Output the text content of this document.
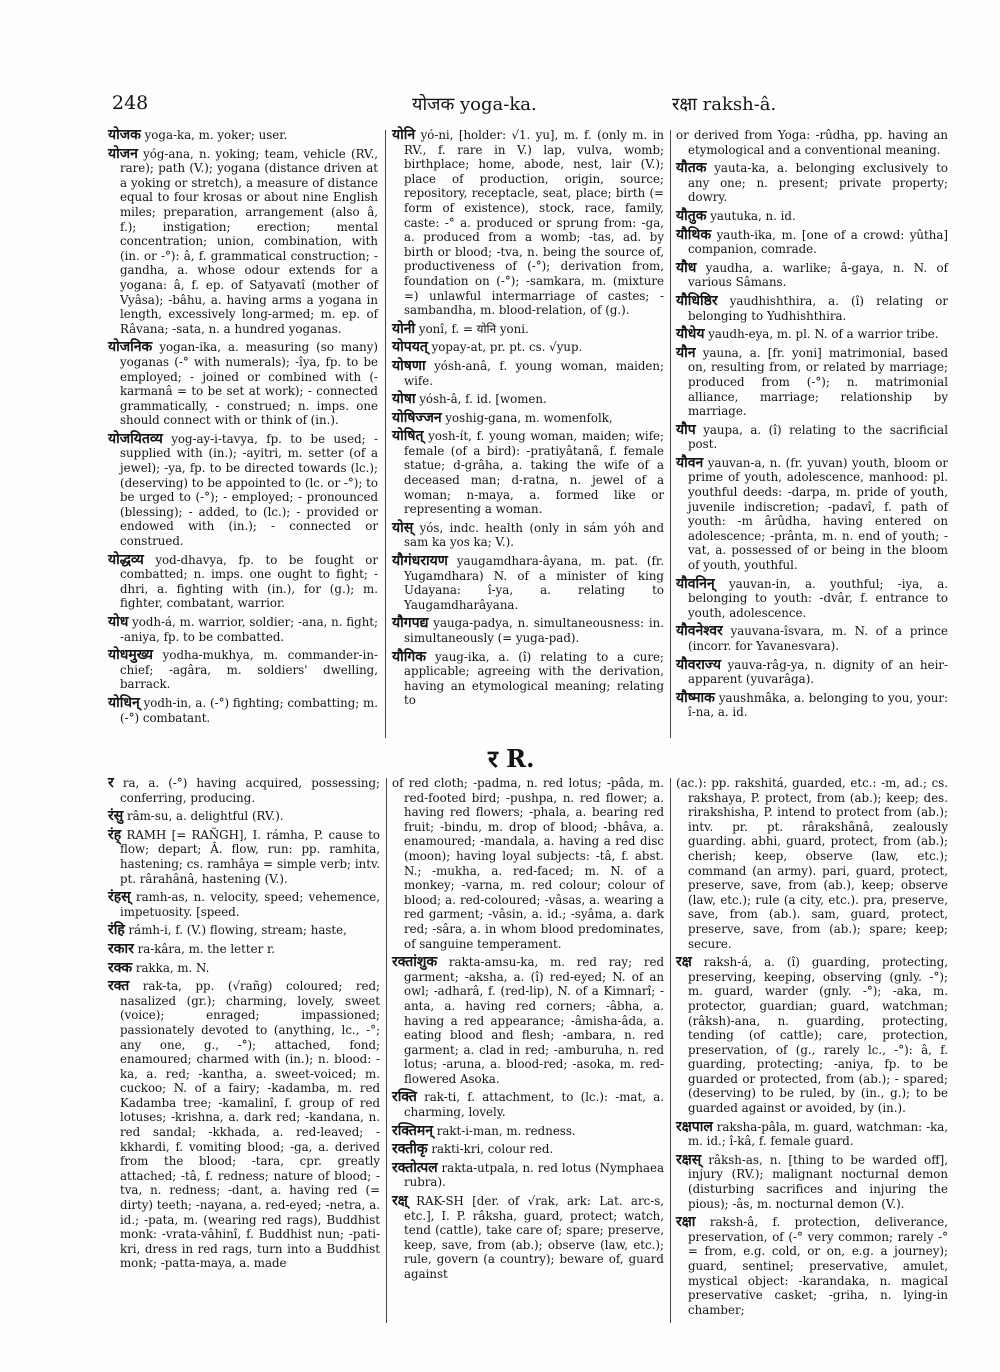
248	योजक yoga-ka.	रक्षा raksh-â.

योजक yoga-ka, m. yoker; user.

योजन yóg-ana, n. yoking; team, vehicle (RV., rare); path (V.); yogana (distance driven at a yoking or stretch), a measure of distance equal to four krosas or about nine English miles; preparation, arrangement (also â, f.); instigation; erection; mental concentration; union, combination, with (in. or -°): â, f. grammatical construction; -gandha, a. whose odour extends for a yogana: â, f. ep. of Satyavatî (mother of Vyâsa); -bâhu, a. having arms a yogana in length, excessively long-armed; m. ep. of Râvana; -sata, n. a hundred yoganas.

योजनिक yogan-ika, a. measuring (so many) yoganas (-° with numerals); -îya, fp. to be employed; - joined or combined with (- karmanâ = to be set at work); - connected grammatically, - construed; n. imps. one should connect with or think of (in.).

योजयितव्य yog-ay-i-tavya, fp. to be used; - supplied with (in.); -ayitri, m. setter (of a jewel); -ya, fp. to be directed towards (lc.); (deserving) to be appointed to (lc. or -°); to be urged to (-°); - employed; - pronounced (blessing); - added, to (lc.); - provided or endowed with (in.); - connected or construed.

योद्धव्य yod-dhavya, fp. to be fought or combatted; n. imps. one ought to fight; -dhri, a. fighting with (in.), for (g.); m. fighter, combatant, warrior.

योध yodh-á, m. warrior, soldier; -ana, n. fight; -aniya, fp. to be combatted.

योधमुख्य yodha-mukhya, m. commander-in-chief; -agâra, m. soldiers' dwelling, barrack.

योधिन् yodh-in, a. (-°) fighting; combatting; m. (-°) combatant.

योनि yó-ni, [holder: √1. yu], m. f. (only m. in RV., f. rare in V.) lap, vulva, womb; birthplace; home, abode, nest, lair (V.); place of production, origin, source; repository, receptacle, seat, place; birth (= form of existence), stock, race, family, caste: -° a. produced or sprung from: -ga, a. produced from a womb; -tas, ad. by birth or blood; -tva, n. being the source of, productiveness of (-°); derivation from, foundation on (-°); -samkara, m. (mixture =) unlawful intermarriage of castes; -sambandha, m. blood-relation, of (g.).

योनी yonî, f. = योनि yoni.

योपयत् yopay-at, pr. pt. cs. √yup.

योषणा yósh-anâ, f. young woman, maiden; wife.

योषा yósh-â, f. id. [women.

योषिज्जन yoshig-gana, m. womenfolk,

योषित् yosh-ít, f. young woman, maiden; wife; female (of a bird): -pratiyâtanâ, f. female statue; d-grâha, a. taking the wife of a deceased man; d-ratna, n. jewel of a woman; n-maya, a. formed like or representing a woman.

योस् yós, indc. health (only in sám yóh and sam ka yos ka; V.).

यौगंधरायण yaugamdhara-âyana, m. pat. (fr. Yugamdhara) N. of a minister of king Udayana: î-ya, a. relating to Yaugamdharâyana.

यौगपद्य yauga-padya, n. simultaneousness: in. simultaneously (= yuga-pad).

यौगिक yaug-ika, a. (î) relating to a cure; applicable; agreeing with the derivation, having an etymological meaning; relating to

or derived from Yoga: -rûdha, pp. having an etymological and a conventional meaning.

यौतक yauta-ka, a. belonging exclusively to any one; n. present; private property; dowry.

यौतुक yautuka, n. id.

यौथिक yauth-ika, m. [one of a crowd: yûtha] companion, comrade.

यौध yaudha, a. warlike; â-gaya, n. N. of various Sâmans.

यौधिष्ठिर yaudhishthira, a. (î) relating or belonging to Yudhishthira.

यौधेय yaudh-eya, m. pl. N. of a warrior tribe.

यौन yauna, a. [fr. yoni] matrimonial, based on, resulting from, or related by marriage; produced from (-°); n. matrimonial alliance, marriage; relationship by marriage.

यौप yaupa, a. (î) relating to the sacrificial post.

यौवन yauvan-a, n. (fr. yuvan) youth, bloom or prime of youth, adolescence, manhood: pl. youthful deeds: -darpa, m. pride of youth, juvenile indiscretion; -padavî, f. path of youth: -m ârûdha, having entered on adolescence; -prânta, m. n. end of youth; -vat, a. possessed of or being in the bloom of youth, youthful.

यौवनिन् yauvan-in, a. youthful; -iya, a. belonging to youth: -dvâr, f. entrance to youth, adolescence.

यौवनेश्वर yauvana-îsvara, m. N. of a prince (incorr. for Yavanesvara).

यौवराज्य yauva-râg-ya, n. dignity of an heir-apparent (yuvarâga).

यौष्माक yaushmâka, a. belonging to you, your: î-na, a. id.

र R.

र ra, a. (-°) having acquired, possessing; conferring, producing.

रंसु râm-su, a. delightful (RV.).

रंह् RAMH [= RAÑGH], I. rámha, P. cause to flow; depart; Â. flow, run: pp. ramhita, hastening; cs. ramhâya = simple verb; intv. pt. rârahânâ, hastening (V.).

रंहस् ramh-as, n. velocity, speed; vehemence, impetuosity. [speed.

रंहि rámh-i, f. (V.) flowing, stream; haste,

रकार ra-kâra, m. the letter r.

रक्क rakka, m. N.

रक्त rak-ta, pp. (√rañg) coloured; red; nasalized (gr.); charming, lovely, sweet (voice); enraged; impassioned; passionately devoted to (anything, lc., -°; any one, g., -°); attached, fond; enamoured; charmed with (in.); n. blood: -ka, a. red; -kantha, a. sweet-voiced; m. cuckoo; N. of a fairy; -kadamba, m. red Kadamba tree; -kamalinî, f. group of red lotuses; -krishna, a. dark red; -kandana, n. red sandal; -kkhada, a. red-leaved; -kkhardi, f. vomiting blood; -ga, a. derived from the blood; -tara, cpr. greatly attached; -tâ, f. redness; nature of blood; -tva, n. redness; -dant, a. having red (= dirty) teeth; -nayana, a. red-eyed; -netra, a. id.; -pata, m. (wearing red rags), Buddhist monk: -vrata-vâhinî, f. Buddhist nun; -pati-kri, dress in red rags, turn into a Buddhist monk; -patta-maya, a. made

of red cloth; -padma, n. red lotus; -pâda, m. red-footed bird; -pushpa, n. red flower; a. having red flowers; -phala, a. bearing red fruit; -bindu, m. drop of blood; -bhâva, a. enamoured; -mandala, a. having a red disc (moon); having loyal subjects: -tâ, f. abst. N.; -mukha, a. red-faced; m. N. of a monkey; -varna, m. red colour; colour of blood; a. red-coloured; -vâsas, a. wearing a red garment; -vâsin, a. id.; -syâma, a. dark red; -sâra, a. in whom blood predominates, of sanguine temperament.

रक्तांशुक rakta-amsu-ka, m. red ray; red garment; -aksha, a. (î) red-eyed; N. of an owl; -adharâ, f. (red-lip), N. of a Kimnarî; -anta, a. having red corners; -âbha, a. having a red appearance; -âmisha-âda, a. eating blood and flesh; -ambara, n. red garment; a. clad in red; -amburuha, n. red lotus; -aruna, a. blood-red; -asoka, m. red-flowered Asoka.

रक्ति rak-ti, f. attachment, to (lc.): -mat, a. charming, lovely.

रक्तिमन् rakt-i-man, m. redness.

रक्तीकृ rakti-kri, colour red.

रक्तोत्पल rakta-utpala, n. red lotus (Nymphaea rubra).

रक्ष् RAK-SH [der. of √rak, ark: Lat. arc-s, etc.], I. P. râksha, guard, protect; watch, tend (cattle), take care of; spare; preserve, keep, save, from (ab.); observe (law, etc.); rule, govern (a country); beware of, guard against

(ac.): pp. rakshitá, guarded, etc.: -m, ad.; cs. rakshaya, P. protect, from (ab.); keep; des. rirakshisha, P. intend to protect from (ab.); intv. pr. pt. rârakshânâ, zealously guarding. abhi, guard, protect, from (ab.); cherish; keep, observe (law, etc.); command (an army). pari, guard, protect, preserve, save, from (ab.), keep; observe (law, etc.); rule (a city, etc.). pra, preserve, save, from (ab.). sam, guard, protect, preserve, save, from (ab.); spare; keep; secure.

रक्ष raksh-á, a. (î) guarding, protecting, preserving, keeping, observing (gnly. -°); m. guard, warder (gnly. -°); -aka, m. protector, guardian; guard, watchman; (râksh)-ana, n. guarding, protecting, tending (of cattle); care, protection, preservation, of (g., rarely lc., -°): â, f. guarding, protecting; -aniya, fp. to be guarded or protected, from (ab.); - spared; (deserving) to be ruled, by (in., g.); to be guarded against or avoided, by (in.).

रक्षपाल raksha-pâla, m. guard, watchman: -ka, m. id.; î-kâ, f. female guard.

रक्षस् râksh-as, n. [thing to be warded off], injury (RV.); malignant nocturnal demon (disturbing sacrifices and injuring the pious); -âs, m. nocturnal demon (V.).

रक्षा raksh-â, f. protection, deliverance, preservation, of (-° very common; rarely -° = from, e.g. cold, or on, e.g. a journey); guard, sentinel; preservative, amulet, mystical object: -karandaka, n. magical preservative casket; -griha, n. lying-in chamber;
